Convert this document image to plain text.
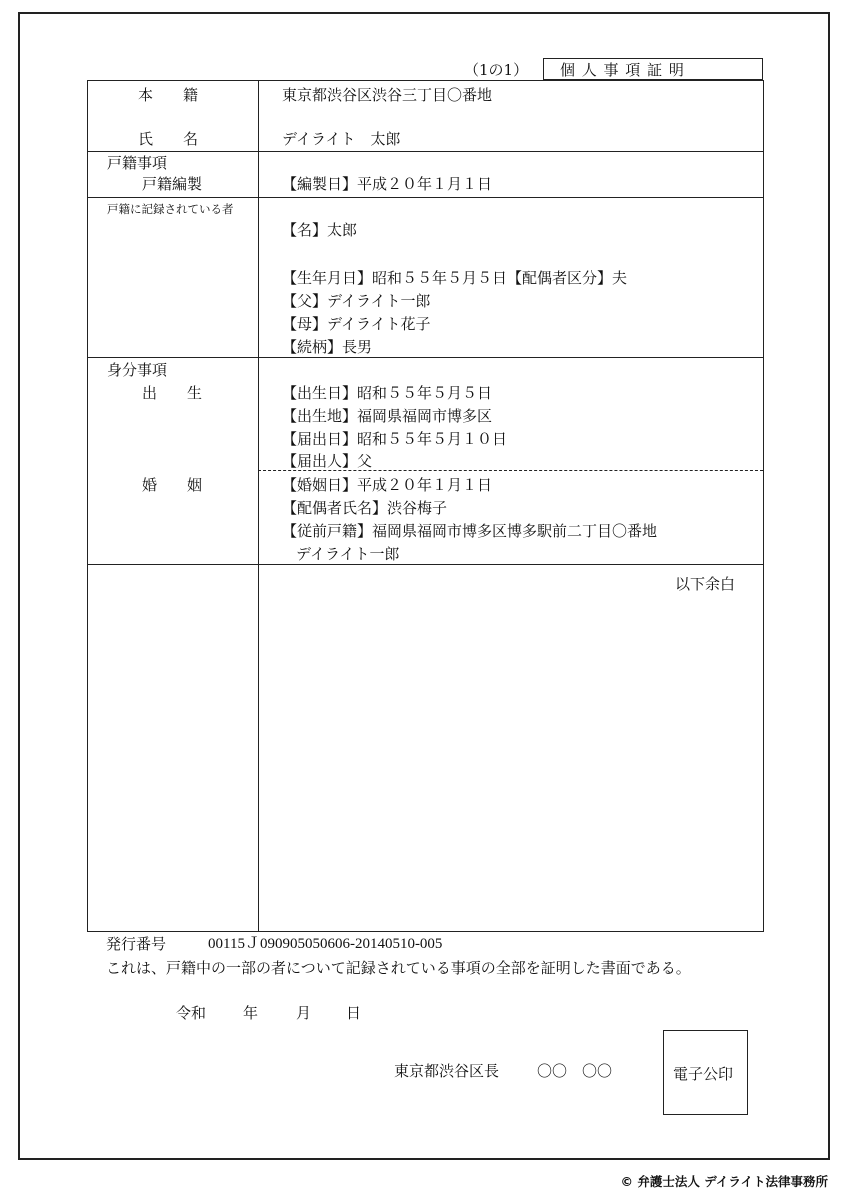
（1の1） 個 人 事 項 証 明
本　　籍	東京都渋谷区渋谷三丁目〇番地
氏　　名	デイライト　太郎
戸籍事項
戸籍編製	【編製日】平成２０年１月１日
戸籍に記録されている者
【名】太郎
【生年月日】昭和５５年５月５日【配偶者区分】夫
【父】デイライト一郎
【母】デイライト花子
【続柄】長男
身分事項
出　　生	【出生日】昭和５５年５月５日
【出生地】福岡県福岡市博多区
【届出日】昭和５５年５月１０日
【届出人】父
婚　　姻	【婚姻日】平成２０年１月１日
【配偶者氏名】渋谷梅子
【従前戸籍】福岡県福岡市博多区博多駅前二丁目〇番地
デイライト一郎
以下余白
発行番号	00115Ｊ090905050606-20140510-005
これは、戸籍中の一部の者について記録されている事項の全部を証明した書面である。
令和 年	月 日
東京都渋谷区長	〇〇　〇〇	電子公印
© 弁護士法人 デイライト法律事務所
